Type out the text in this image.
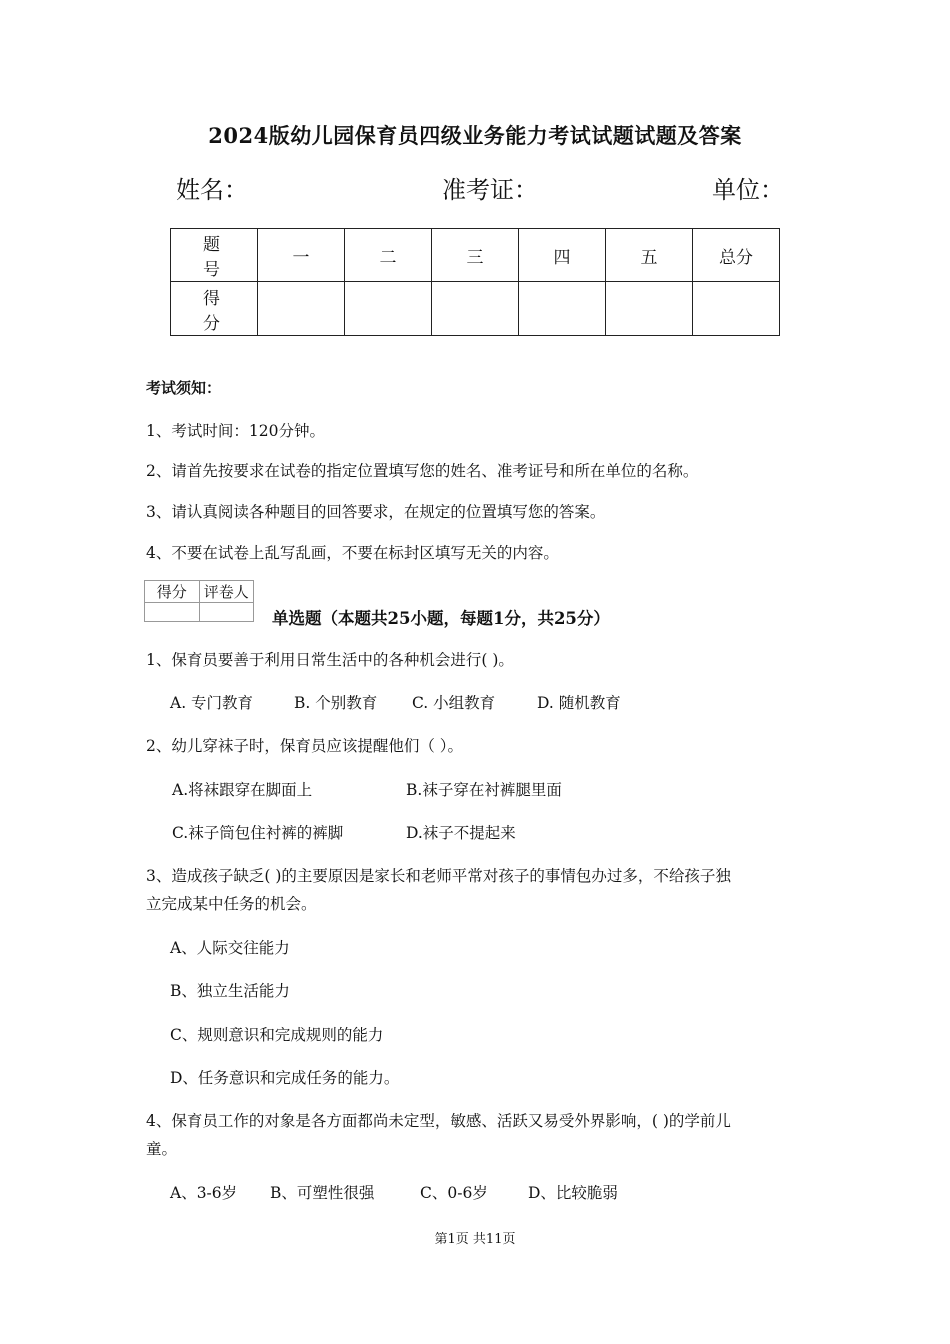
2024版幼儿园保育员四级业务能力考试试题试题及答案
姓名：	准考证：	单位：
题 号	一	二	三	四	五	总分
得 分						
考试须知：
1、考试时间：120分钟。
2、请首先按要求在试卷的指定位置填写您的姓名、准考证号和所在单位的名称。
3、请认真阅读各种题目的回答要求，在规定的位置填写您的答案。
4、不要在试卷上乱写乱画，不要在标封区填写无关的内容。
得分	评卷人

单选题（本题共25小题，每题1分，共25分）
1、保育员要善于利用日常生活中的各种机会进行( )。
A. 专门教育	B. 个别教育 C. 小组教育	D. 随机教育
2、幼儿穿袜子时，保育员应该提醒他们（ ）。
A.将袜跟穿在脚面上	B.袜子穿在衬裤腿里面
C.袜子筒包住衬裤的裤脚	D.袜子不提起来
3、造成孩子缺乏( )的主要原因是家长和老师平常对孩子的事情包办过多，不给孩子独
立完成某中任务的机会。
A、人际交往能力
B、独立生活能力
C、规则意识和完成规则的能力
D、任务意识和完成任务的能力。
4、保育员工作的对象是各方面都尚未定型，敏感、活跃又易受外界影响，( )的学前儿
童。
A、3-6岁 B、可塑性很强	C、0-6岁	D、比较脆弱
第1页 共11页
